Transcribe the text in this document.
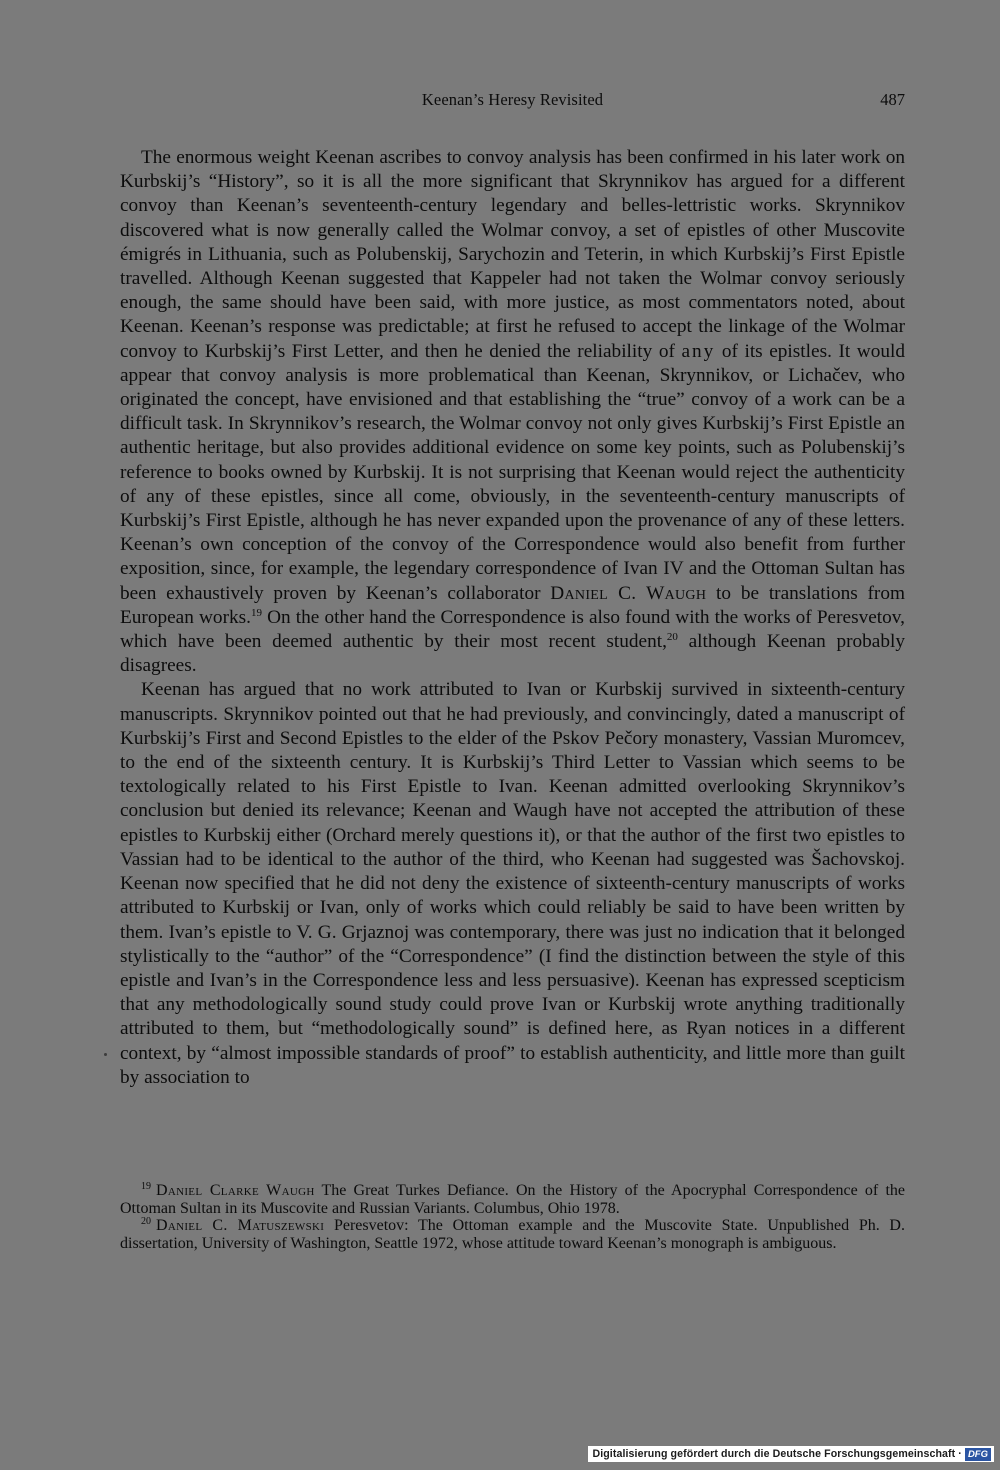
Keenan’s Heresy Revisited	487

The enormous weight Keenan ascribes to convoy analysis has been confirmed in his later work on Kurbskij’s “History”, so it is all the more significant that Skrynnikov has argued for a different convoy than Keenan’s seventeenth-century legendary and belles-lettristic works. Skrynnikov discovered what is now generally called the Wolmar convoy, a set of epistles of other Muscovite émigrés in Lithuania, such as Polubenskij, Sarychozin and Teterin, in which Kurbskij’s First Epistle travelled. Although Keenan suggested that Kappeler had not taken the Wolmar convoy seriously enough, the same should have been said, with more justice, as most commentators noted, about Keenan. Keenan’s response was predictable; at first he refused to accept the linkage of the Wolmar convoy to Kurbskij’s First Letter, and then he denied the reliability of any of its epistles. It would appear that convoy analysis is more problematical than Keenan, Skrynnikov, or Lichačev, who originated the concept, have envisioned and that establishing the “true” convoy of a work can be a difficult task. In Skrynnikov’s research, the Wolmar convoy not only gives Kurbskij’s First Epistle an authentic heritage, but also provides additional evidence on some key points, such as Polubenskij’s reference to books owned by Kurbskij. It is not surprising that Keenan would reject the authenticity of any of these epistles, since all come, obviously, in the seventeenth-century manuscripts of Kurbskij’s First Epistle, although he has never expanded upon the provenance of any of these letters. Keenan’s own conception of the convoy of the Correspondence would also benefit from further exposition, since, for example, the legendary correspondence of Ivan IV and the Ottoman Sultan has been exhaustively proven by Keenan’s collaborator Daniel C. Waugh to be translations from European works.$^{19}$ On the other hand the Correspondence is also found with the works of Peresvetov, which have been deemed authentic by their most recent student,$^{20}$ although Keenan probably disagrees.

Keenan has argued that no work attributed to Ivan or Kurbskij survived in sixteenth-century manuscripts. Skrynnikov pointed out that he had previously, and convincingly, dated a manuscript of Kurbskij’s First and Second Epistles to the elder of the Pskov Pečory monastery, Vassian Muromcev, to the end of the sixteenth century. It is Kurbskij’s Third Letter to Vassian which seems to be textologically related to his First Epistle to Ivan. Keenan admitted overlooking Skrynnikov’s conclusion but denied its relevance; Keenan and Waugh have not accepted the attribution of these epistles to Kurbskij either (Orchard merely questions it), or that the author of the first two epistles to Vassian had to be identical to the author of the third, who Keenan had suggested was Šachovskoj. Keenan now specified that he did not deny the existence of sixteenth-century manuscripts of works attributed to Kurbskij or Ivan, only of works which could reliably be said to have been written by them. Ivan’s epistle to V. G. Grjaznoj was contemporary, there was just no indication that it belonged stylistically to the “author” of the “Correspondence” (I find the distinction between the style of this epistle and Ivan’s in the Correspondence less and less persuasive). Keenan has expressed scepticism that any methodologically sound study could prove Ivan or Kurbskij wrote anything traditionally attributed to them, but “methodologically sound” is defined here, as Ryan notices in a different context, by “almost impossible standards of proof” to establish authenticity, and little more than guilt by association to

$^{19}$ Daniel Clarke Waugh The Great Turkes Defiance. On the History of the Apocryphal Correspondence of the Ottoman Sultan in its Muscovite and Russian Variants. Columbus, Ohio 1978.

$^{20}$ Daniel C. Matuszewski Peresvetov: The Ottoman example and the Muscovite State. Unpublished Ph. D. dissertation, University of Washington, Seattle 1972, whose attitude toward Keenan’s monograph is ambiguous.

Digitalisierung gefördert durch die Deutsche Forschungsgemeinschaft · DFG
